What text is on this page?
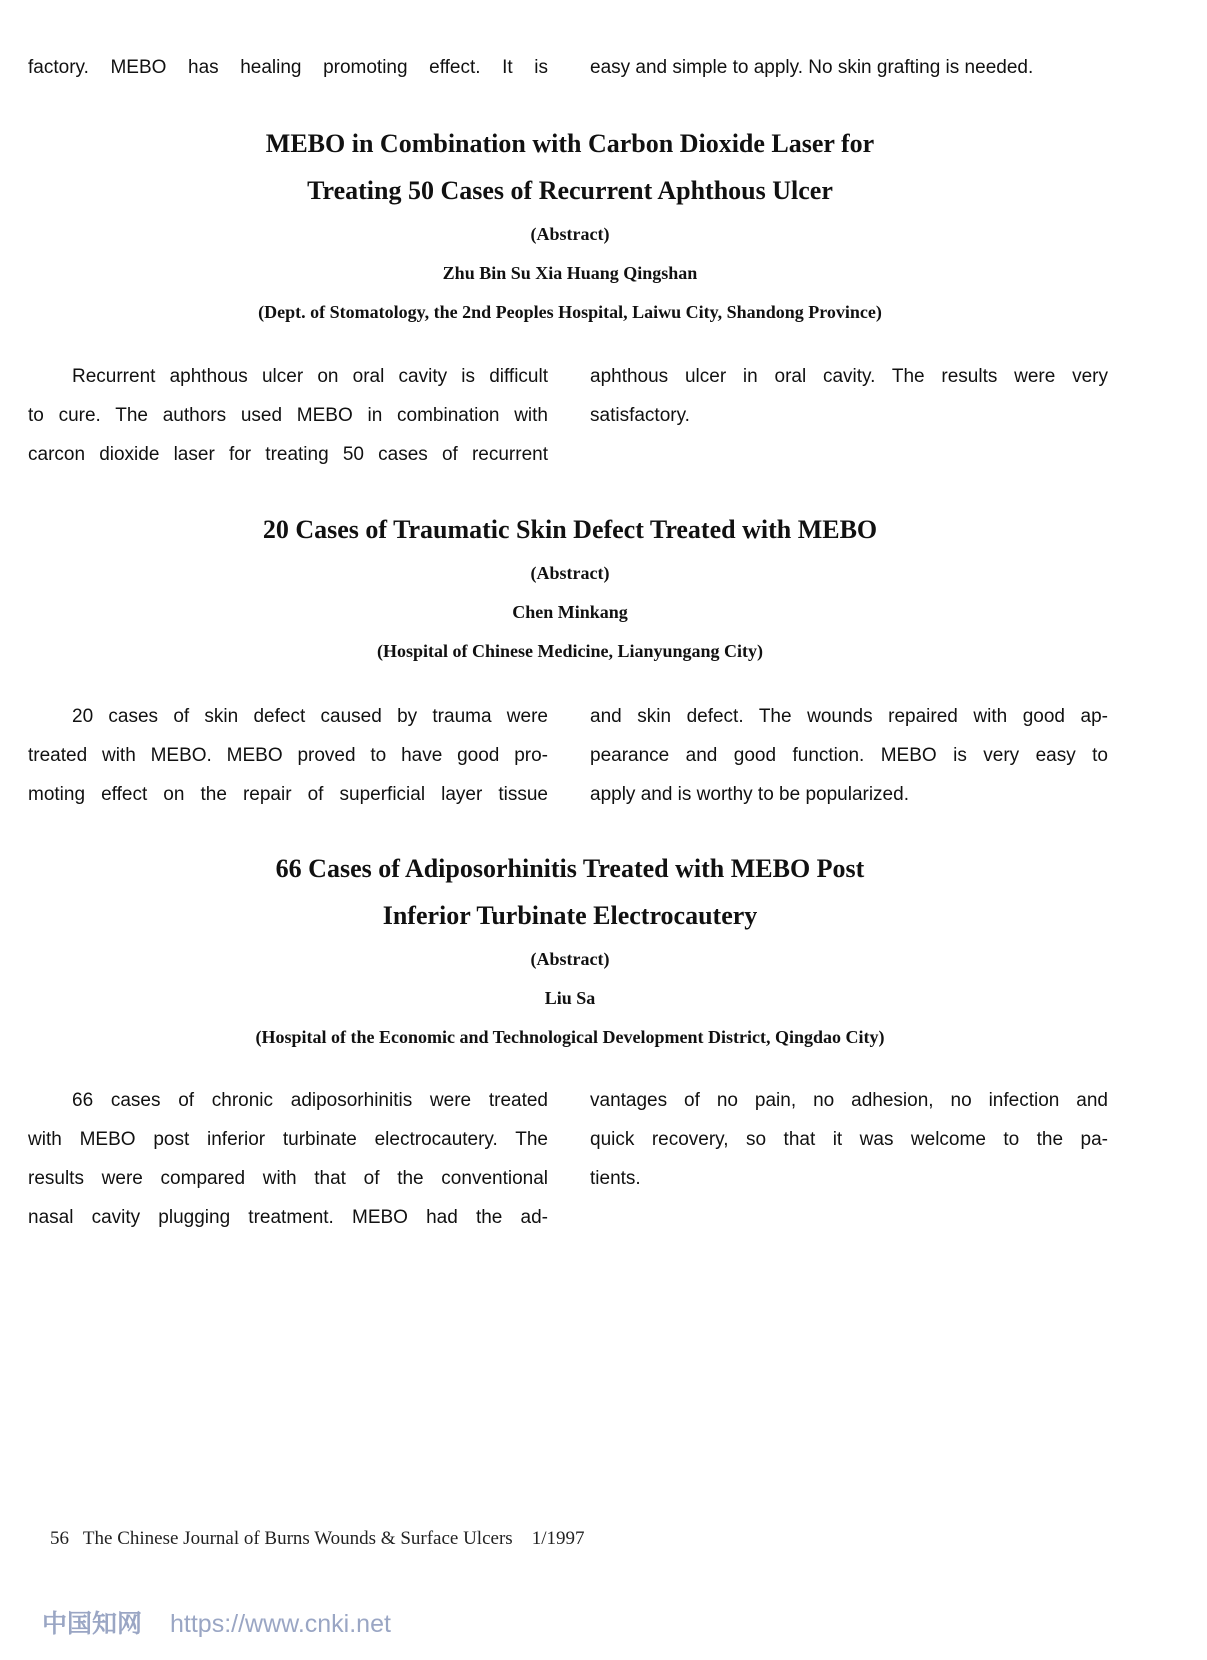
factory. MEBO has healing promoting effect. It is easy and simple to apply. No skin grafting is needed.
MEBO in Combination with Carbon Dioxide Laser for
Treating 50 Cases of Recurrent Aphthous Ulcer
(Abstract)
Zhu Bin Su Xia Huang Qingshan
(Dept. of Stomatology, the 2nd Peoples Hospital, Laiwu City, Shandong Province)
Recurrent aphthous ulcer on oral cavity is difficult
to cure. The authors used MEBO in combination with
carcon dioxide laser for treating 50 cases of recurrent
aphthous ulcer in oral cavity. The results were very
satisfactory.
20 Cases of Traumatic Skin Defect Treated with MEBO
(Abstract)
Chen Minkang
(Hospital of Chinese Medicine, Lianyungang City)
20 cases of skin defect caused by trauma were
treated with MEBO. MEBO proved to have good pro-
moting effect on the repair of superficial layer tissue
and skin defect. The wounds repaired with good ap-
pearance and good function. MEBO is very easy to
apply and is worthy to be popularized.
66 Cases of Adiposorhinitis Treated with MEBO Post
Inferior Turbinate Electrocautery
(Abstract)
Liu Sa
(Hospital of the Economic and Technological Development District, Qingdao City)
66 cases of chronic adiposorhinitis were treated
with MEBO post inferior turbinate electrocautery. The
results were compared with that of the conventional
nasal cavity plugging treatment. MEBO had the ad-
vantages of no pain, no adhesion, no infection and
quick recovery, so that it was welcome to the pa-
tients.
56 The Chinese Journal of Burns Wounds & Surface Ulcers 1/1997
中国知网 https://www.cnki.net
